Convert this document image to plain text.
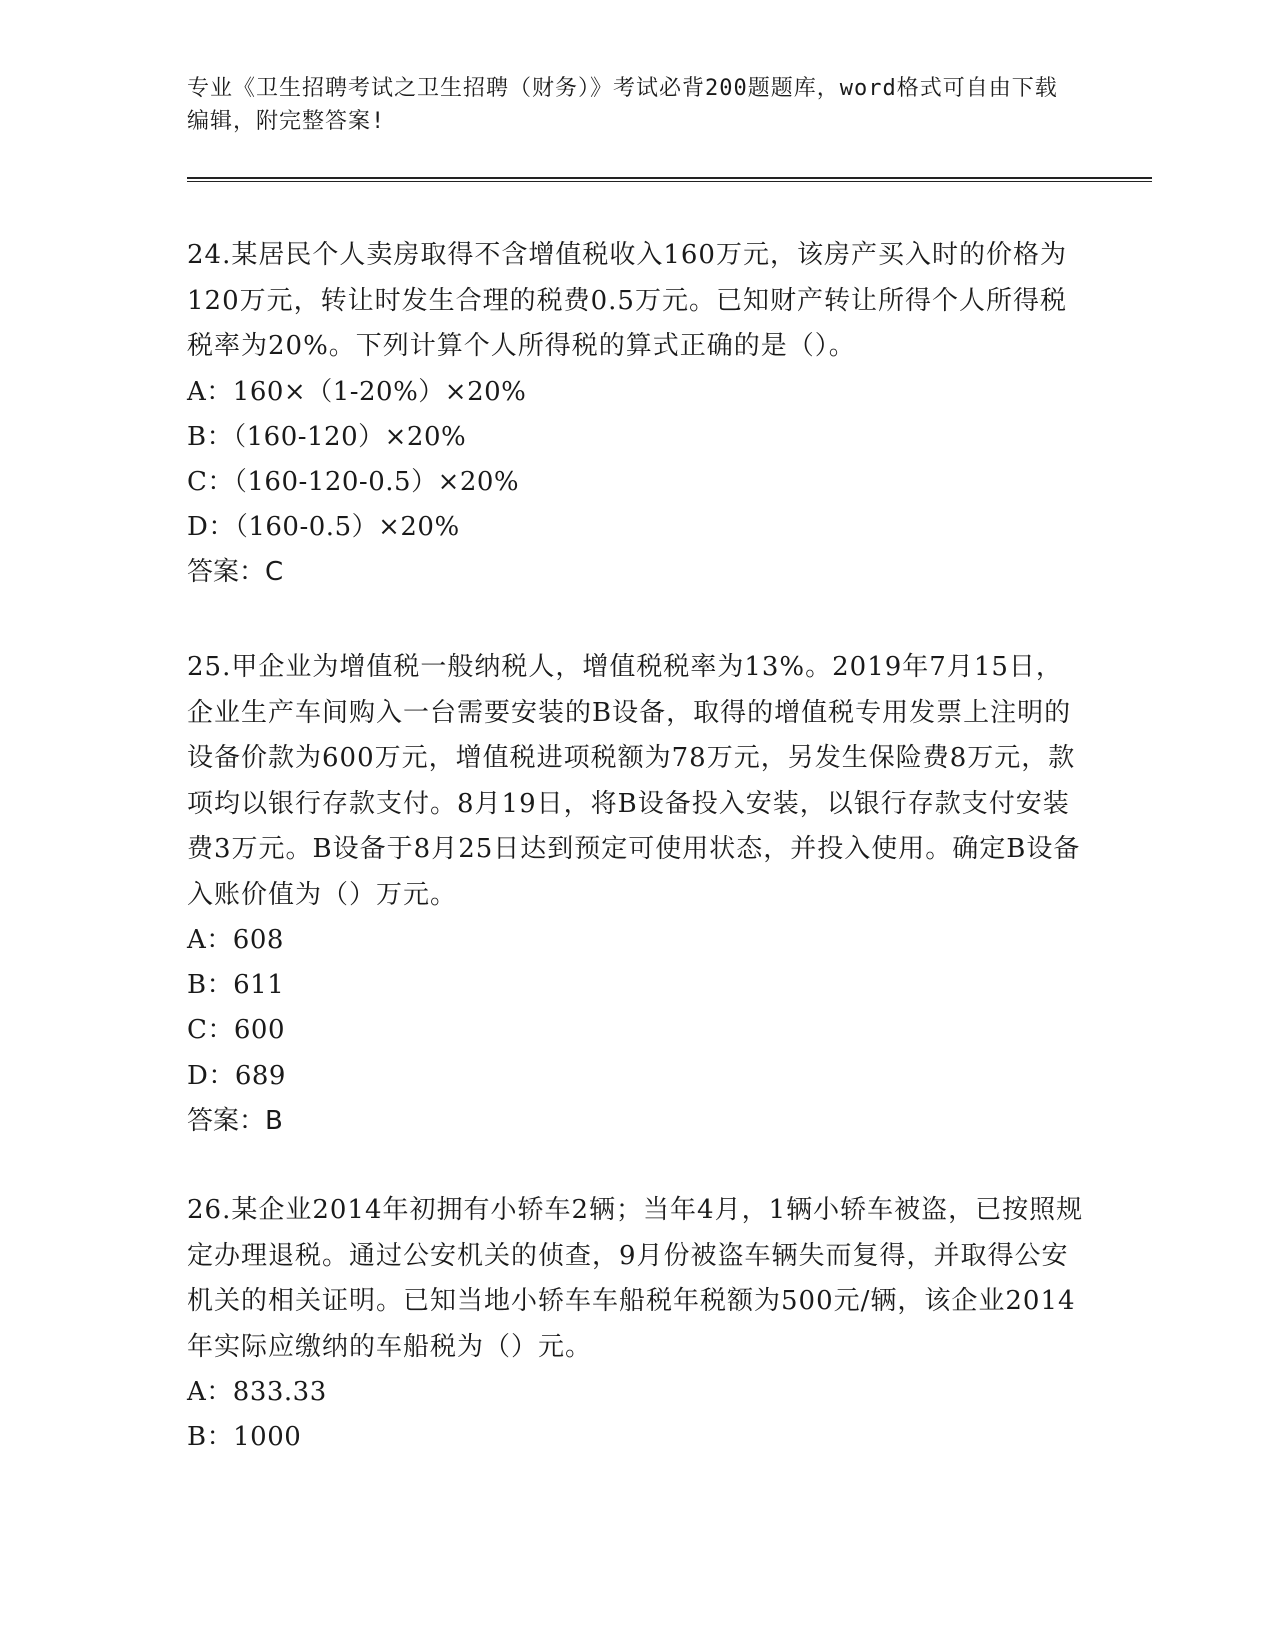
专业《卫生招聘考试之卫生招聘（财务）》考试必背200题题库，word格式可自由下载编辑，附完整答案!

24.某居民个人卖房取得不含增值税收入160万元，该房产买入时的价格为120万元，转让时发生合理的税费0.5万元。已知财产转让所得个人所得税税率为20%。下列计算个人所得税的算式正确的是（）。

A：160×（1-20%）×20%
B：（160-120）×20%
C：（160-120-0.5）×20%
D：（160-0.5）×20%
答案：C

25.甲企业为增值税一般纳税人，增值税税率为13%。2019年7月15日，企业生产车间购入一台需要安装的B设备，取得的增值税专用发票上注明的设备价款为600万元，增值税进项税额为78万元，另发生保险费8万元，款项均以银行存款支付。8月19日，将B设备投入安装，以银行存款支付安装费3万元。B设备于8月25日达到预定可使用状态，并投入使用。确定B设备入账价值为（）万元。

A：608
B：611
C：600
D：689
答案：B

26.某企业2014年初拥有小轿车2辆；当年4月，1辆小轿车被盗，已按照规定办理退税。通过公安机关的侦查，9月份被盗车辆失而复得，并取得公安机关的相关证明。已知当地小轿车车船税年税额为500元/辆，该企业2014年实际应缴纳的车船税为（）元。

A：833.33
B：1000
